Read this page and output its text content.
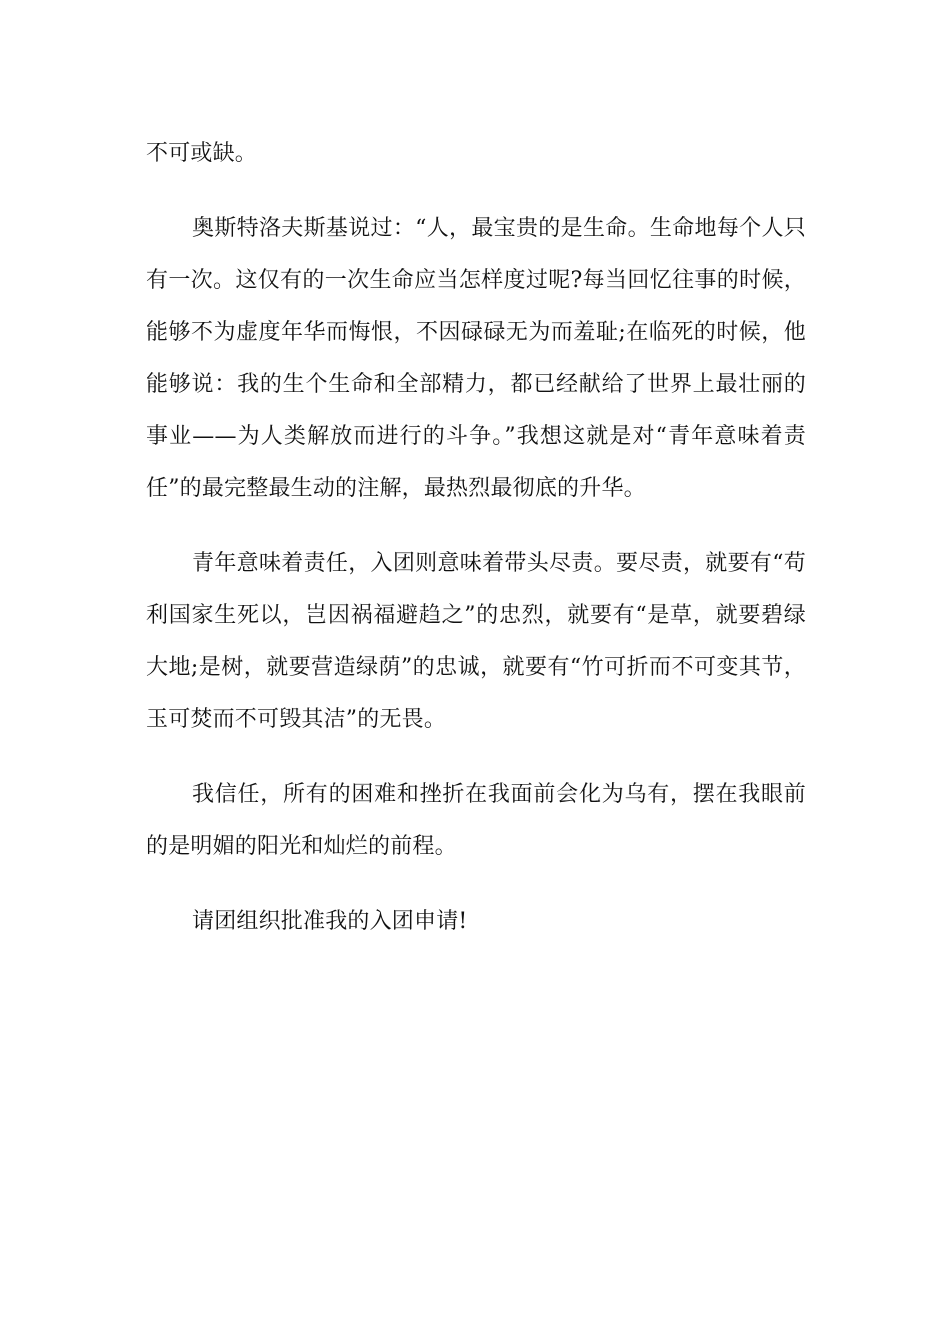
不可或缺。

奥斯特洛夫斯基说过：“人，最宝贵的是生命。生命地每个人只有一次。这仅有的一次生命应当怎样度过呢?每当回忆往事的时候，能够不为虚度年华而悔恨，不因碌碌无为而羞耻;在临死的时候，他能够说：我的生个生命和全部精力，都已经献给了世界上最壮丽的事业——为人类解放而进行的斗争。”我想这就是对“青年意味着责任”的最完整最生动的注解，最热烈最彻底的升华。

青年意味着责任，入团则意味着带头尽责。要尽责，就要有“苟利国家生死以，岂因祸福避趋之”的忠烈，就要有“是草，就要碧绿大地;是树，就要营造绿荫”的忠诚，就要有“竹可折而不可变其节，玉可焚而不可毁其洁”的无畏。

我信任，所有的困难和挫折在我面前会化为乌有，摆在我眼前的是明媚的阳光和灿烂的前程。

请团组织批准我的入团申请!
